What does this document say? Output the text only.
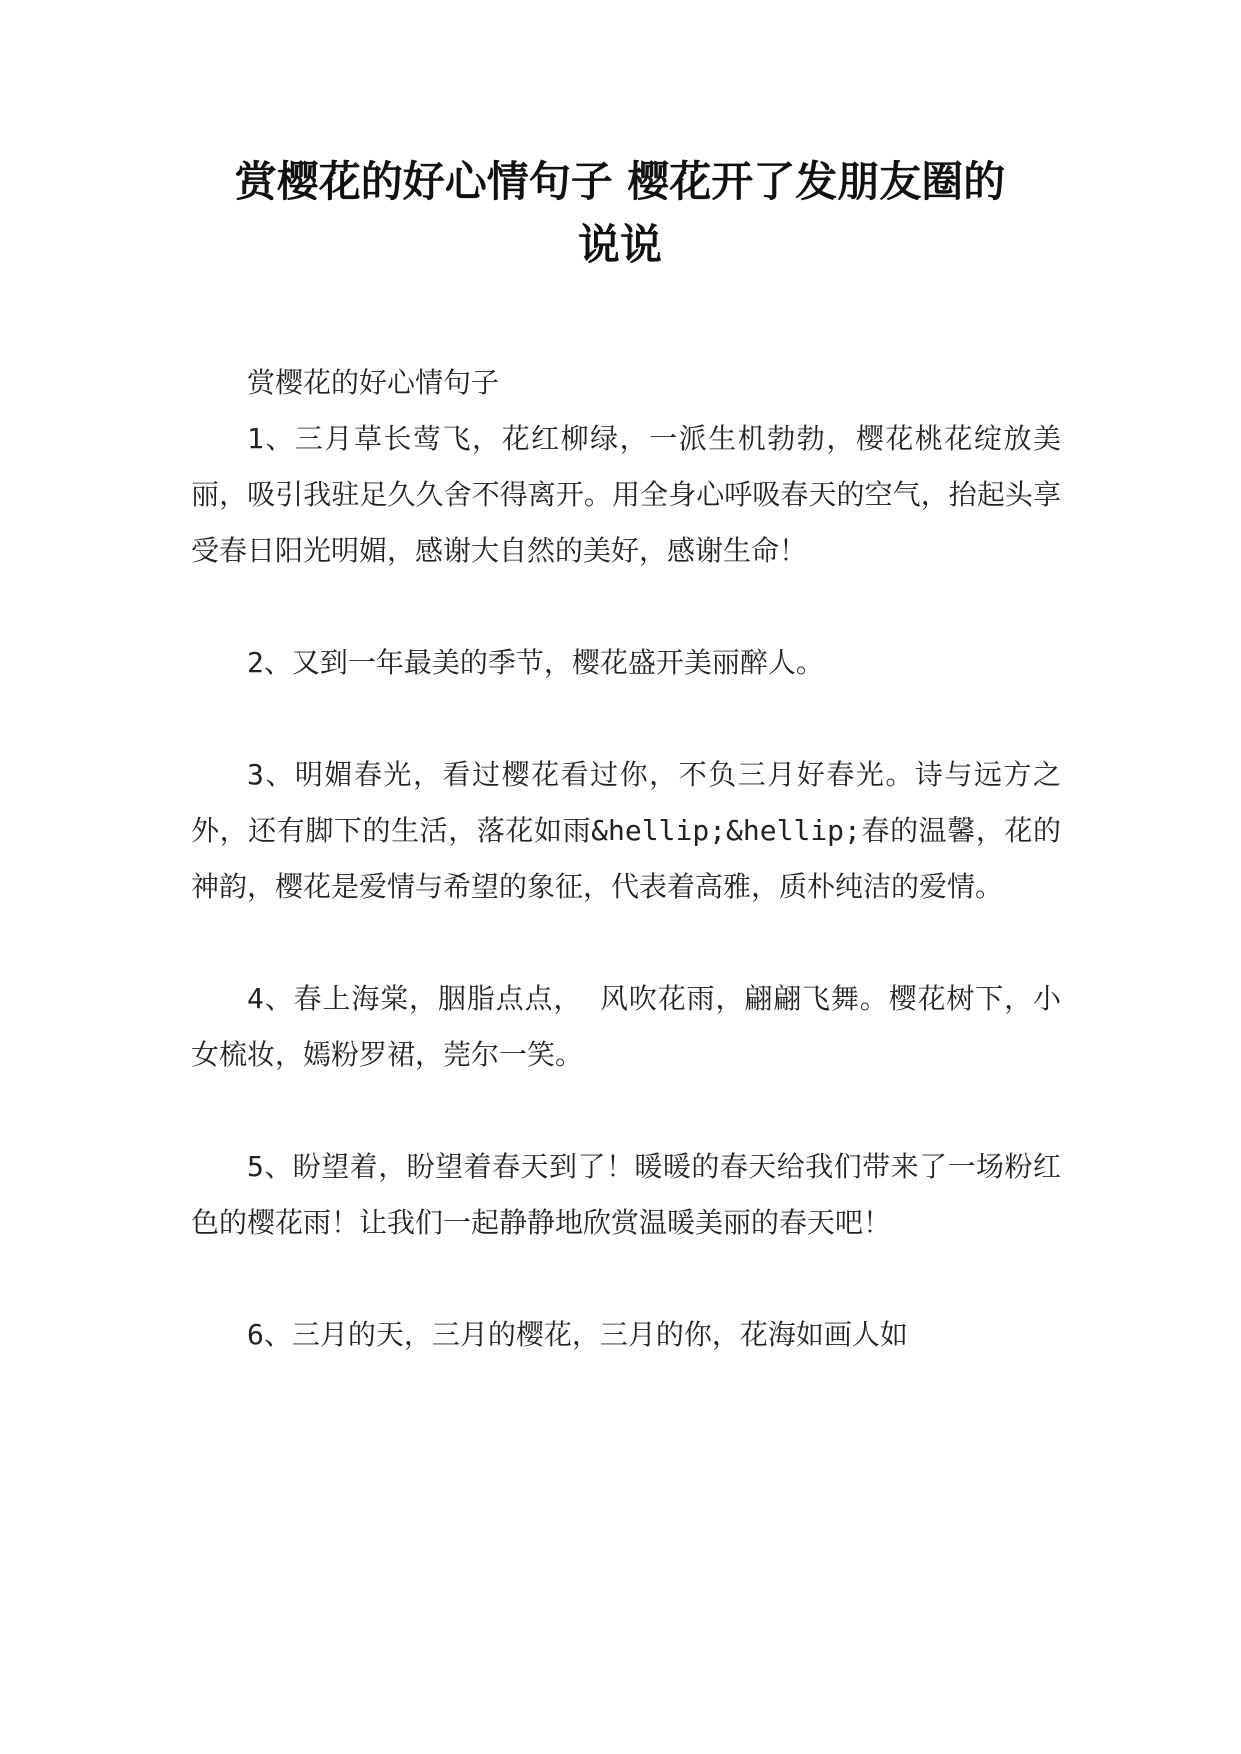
赏樱花的好心情句子 樱花开了发朋友圈的
说说

赏樱花的好心情句子

1、三月草长莺飞，花红柳绿，一派生机勃勃，樱花桃花绽放美丽，吸引我驻足久久舍不得离开。用全身心呼吸春天的空气，抬起头享受春日阳光明媚，感谢大自然的美好，感谢生命！

2、又到一年最美的季节，樱花盛开美丽醉人。

3、明媚春光，看过樱花看过你，不负三月好春光。诗与远方之外，还有脚下的生活，落花如雨&hellip;&hellip;春的温馨，花的神韵，樱花是爱情与希望的象征，代表着高雅，质朴纯洁的爱情。

4、春上海棠，胭脂点点， 风吹花雨，翩翩飞舞。樱花树下，小女梳妆，嫣粉罗裙，莞尔一笑。

5、盼望着，盼望着春天到了！暖暖的春天给我们带来了一场粉红色的樱花雨！让我们一起静静地欣赏温暖美丽的春天吧！

6、三月的天，三月的樱花，三月的你，花海如画人如
